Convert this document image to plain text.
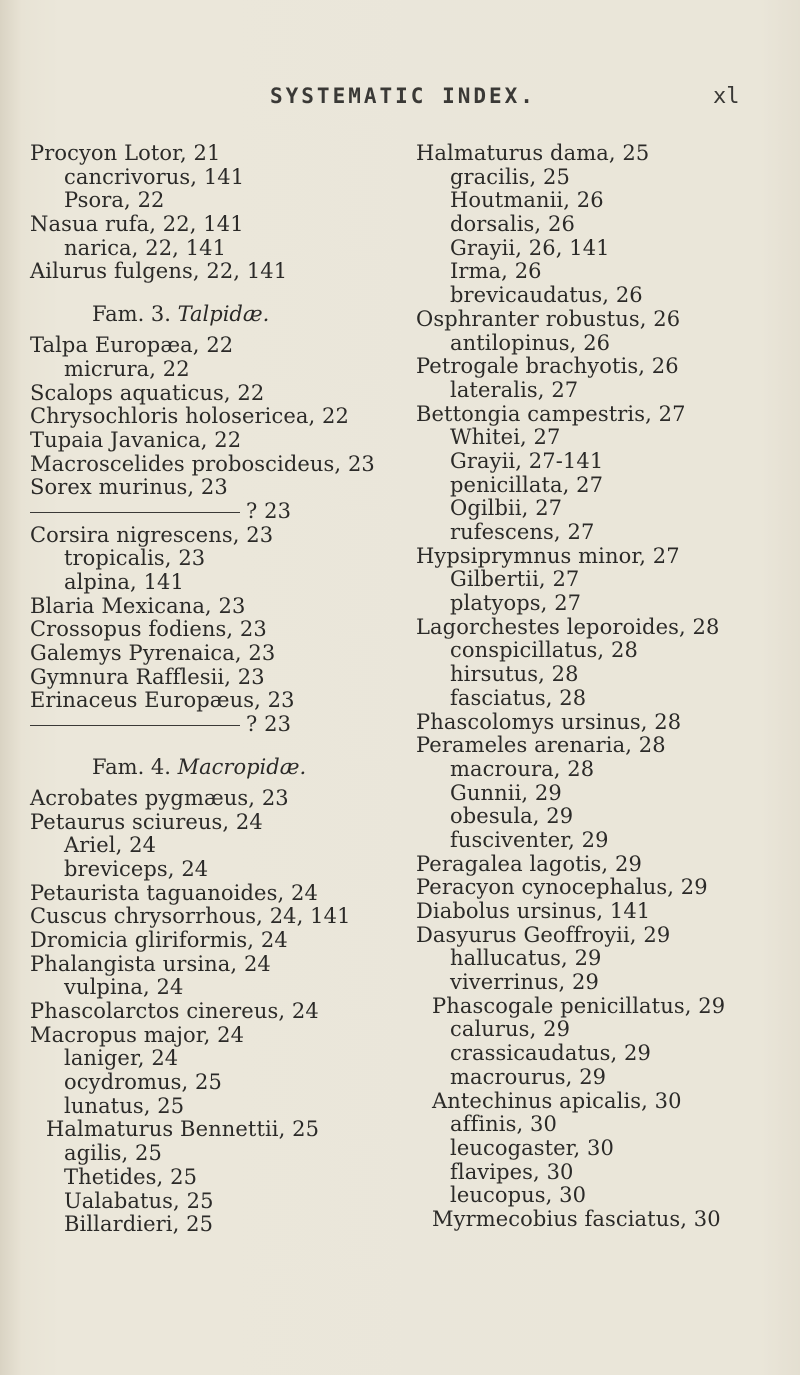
SYSTEMATIC INDEX.	xl
Procyon Lotor, 21
cancrivorus, 141
Psora, 22
Nasua rufa, 22, 141
narica, 22, 141
Ailurus fulgens, 22, 141
Fam. 3. Talpidæ.
Talpa Europæa, 22
micrura, 22
Scalops aquaticus, 22
Chrysochloris holosericea, 22
Tupaia Javanica, 22
Macroscelides proboscideus, 23
Sorex murinus, 23
? 23
Corsira nigrescens, 23
tropicalis, 23
alpina, 141
Blaria Mexicana, 23
Crossopus fodiens, 23
Galemys Pyrenaica, 23
Gymnura Rafflesii, 23
Erinaceus Europæus, 23
? 23
Fam. 4. Macropidæ.
Acrobates pygmæus, 23
Petaurus sciureus, 24
Ariel, 24
breviceps, 24
Petaurista taguanoides, 24
Cuscus chrysorrhous, 24, 141
Dromicia gliriformis, 24
Phalangista ursina, 24
vulpina, 24
Phascolarctos cinereus, 24
Macropus major, 24
laniger, 24
ocydromus, 25
lunatus, 25
Halmaturus Bennettii, 25
agilis, 25
Thetides, 25
Ualabatus, 25
Billardieri, 25
Halmaturus dama, 25
gracilis, 25
Houtmanii, 26
dorsalis, 26
Grayii, 26, 141
Irma, 26
brevicaudatus, 26
Osphranter robustus, 26
antilopinus, 26
Petrogale brachyotis, 26
lateralis, 27
Bettongia campestris, 27
Whitei, 27
Grayii, 27-141
penicillata, 27
Ogilbii, 27
rufescens, 27
Hypsiprymnus minor, 27
Gilbertii, 27
platyops, 27
Lagorchestes leporoides, 28
conspicillatus, 28
hirsutus, 28
fasciatus, 28
Phascolomys ursinus, 28
Perameles arenaria, 28
macroura, 28
Gunnii, 29
obesula, 29
fusciventer, 29
Peragalea lagotis, 29
Peracyon cynocephalus, 29
Diabolus ursinus, 141
Dasyurus Geoffroyii, 29
hallucatus, 29
viverrinus, 29
Phascogale penicillatus, 29
calurus, 29
crassicaudatus, 29
macrourus, 29
Antechinus apicalis, 30
affinis, 30
leucogaster, 30
flavipes, 30
leucopus, 30
Myrmecobius fasciatus, 30
